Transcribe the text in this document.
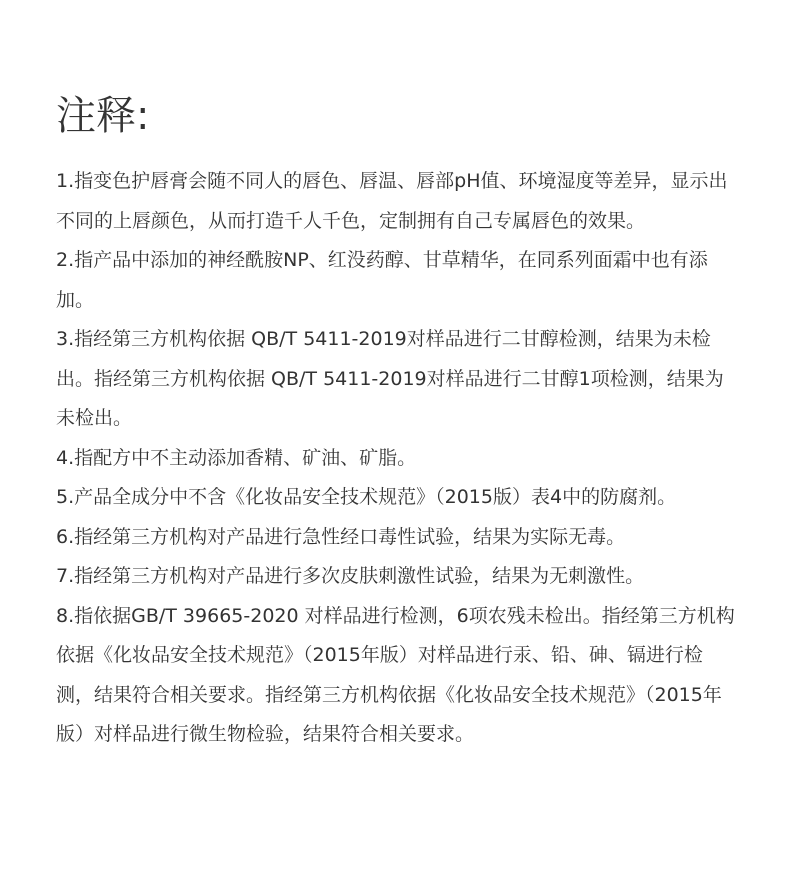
注释:
1.指变色护唇膏会随不同人的唇色、唇温、唇部pH值、环境湿度等差异，显示出不同的上唇颜色，从而打造千人千色，定制拥有自己专属唇色的效果。
2.指产品中添加的神经酰胺NP、红没药醇、甘草精华，在同系列面霜中也有添加。
3.指经第三方机构依据 QB/T 5411-2019对样品进行二甘醇检测，结果为未检出。指经第三方机构依据 QB/T 5411-2019对样品进行二甘醇1项检测，结果为未检出。
4.指配方中不主动添加香精、矿油、矿脂。
5.产品全成分中不含《化妆品安全技术规范》（2015版）表4中的防腐剂。
6.指经第三方机构对产品进行急性经口毒性试验，结果为实际无毒。
7.指经第三方机构对产品进行多次皮肤刺激性试验，结果为无刺激性。
8.指依据GB/T 39665-2020 对样品进行检测，6项农残未检出。指经第三方机构依据《化妆品安全技术规范》（2015年版）对样品进行汞、铅、砷、镉进行检测，结果符合相关要求。指经第三方机构依据《化妆品安全技术规范》（2015年版）对样品进行微生物检验，结果符合相关要求。
